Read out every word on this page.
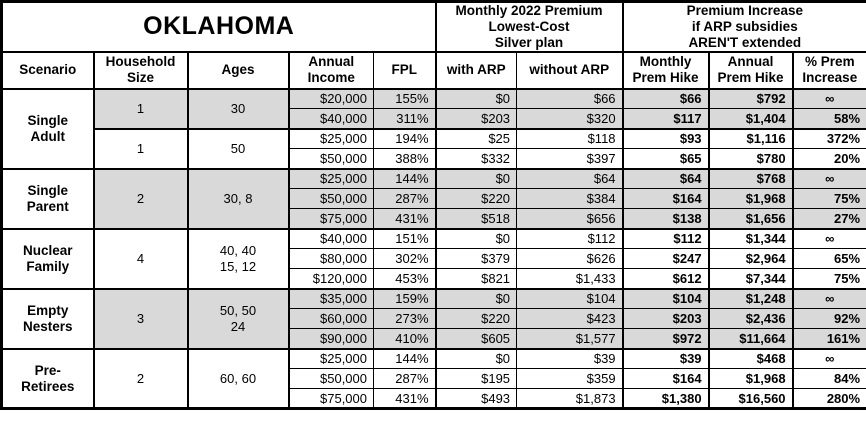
OKLAHOMA					Monthly 2022 Premium
Lowest-Cost
Silver plan		Premium Increase
if ARP subsidies
AREN'T extended		
Scenario	Household
Size	Ages	Annual
Income	FPL	with ARP	without ARP	Monthly
Prem Hike	Annual
Prem Hike	% Prem
Increase
Single
Adult	1	30	$20,000	155%	$0	$66	$66	$792	∞
			$40,000	311%	$203	$320	$117	$1,404	58%
	1	50	$25,000	194%	$25	$118	$93	$1,116	372%
			$50,000	388%	$332	$397	$65	$780	20%
Single
Parent	2	30, 8	$25,000	144%	$0	$64	$64	$768	∞
			$50,000	287%	$220	$384	$164	$1,968	75%
			$75,000	431%	$518	$656	$138	$1,656	27%
Nuclear
Family	4	40, 40
15, 12	$40,000	151%	$0	$112	$112	$1,344	∞
			$80,000	302%	$379	$626	$247	$2,964	65%
			$120,000	453%	$821	$1,433	$612	$7,344	75%
Empty
Nesters	3	50, 50
24	$35,000	159%	$0	$104	$104	$1,248	∞
			$60,000	273%	$220	$423	$203	$2,436	92%
			$90,000	410%	$605	$1,577	$972	$11,664	161%
Pre-
Retirees	2	60, 60	$25,000	144%	$0	$39	$39	$468	∞
			$50,000	287%	$195	$359	$164	$1,968	84%
			$75,000	431%	$493	$1,873	$1,380	$16,560	280%
